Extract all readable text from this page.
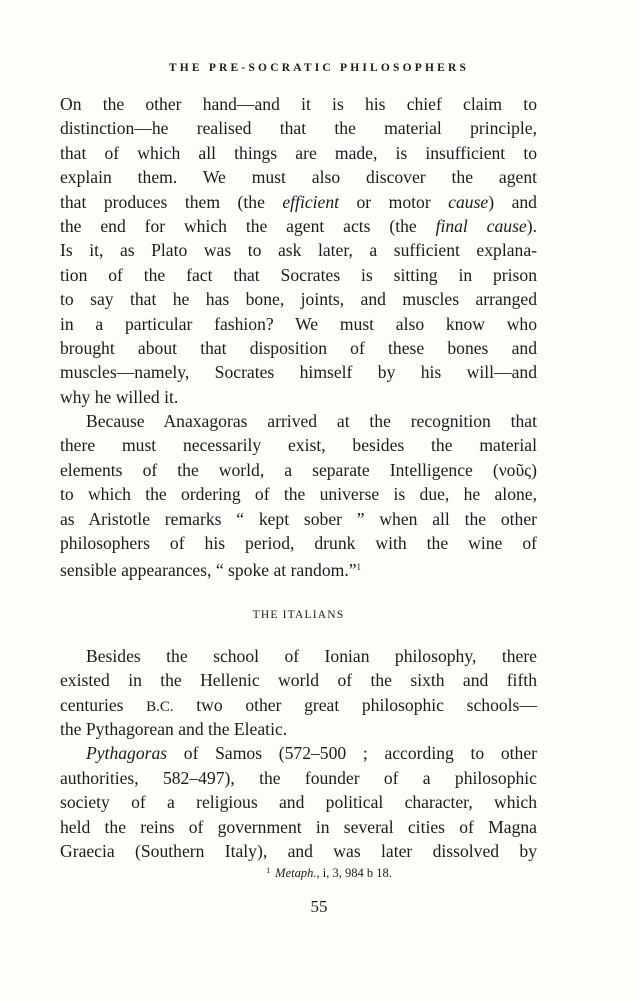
THE PRE-SOCRATIC PHILOSOPHERS
On the other hand—and it is his chief claim to
distinction—he realised that the material principle,
that of which all things are made, is insufficient to
explain them. We must also discover the agent
that produces them (the efficient or motor cause) and
the end for which the agent acts (the final cause).
Is it, as Plato was to ask later, a sufficient explana-
tion of the fact that Socrates is sitting in prison
to say that he has bone, joints, and muscles arranged
in a particular fashion? We must also know who
brought about that disposition of these bones and
muscles—namely, Socrates himself by his will—and
why he willed it.
Because Anaxagoras arrived at the recognition that
there must necessarily exist, besides the material
elements of the world, a separate Intelligence (νοῦς)
to which the ordering of the universe is due, he alone,
as Aristotle remarks “ kept sober ” when all the other
philosophers of his period, drunk with the wine of
sensible appearances, “ spoke at random.”$^1$
THE ITALIANS
Besides the school of Ionian philosophy, there
existed in the Hellenic world of the sixth and fifth
centuries B.C. two other great philosophic schools—
the Pythagorean and the Eleatic.
Pythagoras of Samos (572–500 ; according to other
authorities, 582–497), the founder of a philosophic
society of a religious and political character, which
held the reins of government in several cities of Magna
Graecia (Southern Italy), and was later dissolved by
$^1$ Metaph., i, 3, 984 b 18.
55
